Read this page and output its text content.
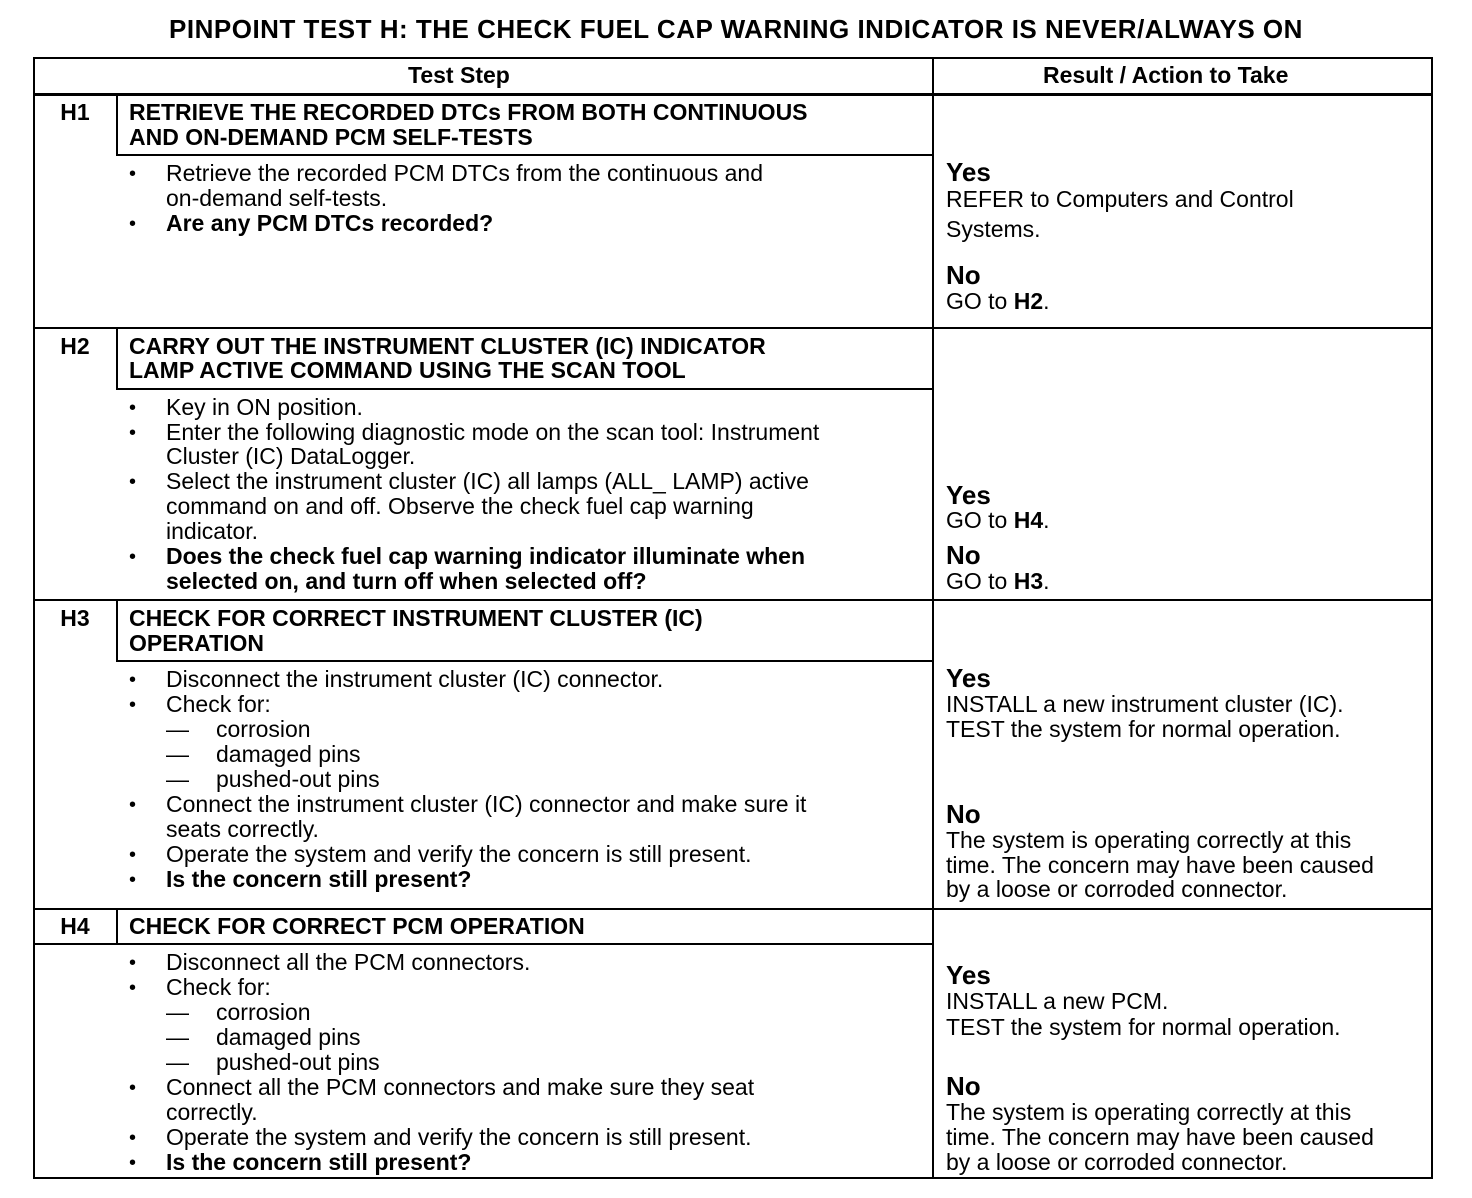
PINPOINT TEST H: THE CHECK FUEL CAP WARNING INDICATOR IS NEVER/ALWAYS ON
Test Step	Result / Action to Take
H1	RETRIEVE THE RECORDED DTCs FROM BOTH CONTINUOUS
AND ON-DEMAND PCM SELF-TESTS
• Retrieve the recorded PCM DTCs from the continuous and
on-demand self-tests.
• Are any PCM DTCs recorded?
Yes
REFER to Computers and Control
Systems.
No
GO to H2.
H2	CARRY OUT THE INSTRUMENT CLUSTER (IC) INDICATOR
LAMP ACTIVE COMMAND USING THE SCAN TOOL
• Key in ON position.
• Enter the following diagnostic mode on the scan tool: Instrument
Cluster (IC) DataLogger.
• Select the instrument cluster (IC) all lamps (ALL_ LAMP) active
command on and off. Observe the check fuel cap warning
indicator.
• Does the check fuel cap warning indicator illuminate when
selected on, and turn off when selected off?
Yes
GO to H4.
No
GO to H3.
H3	CHECK FOR CORRECT INSTRUMENT CLUSTER (IC)
OPERATION
• Disconnect the instrument cluster (IC) connector.
• Check for:
— corrosion
— damaged pins
— pushed-out pins
• Connect the instrument cluster (IC) connector and make sure it
seats correctly.
• Operate the system and verify the concern is still present.
• Is the concern still present?
Yes
INSTALL a new instrument cluster (IC).
TEST the system for normal operation.
No
The system is operating correctly at this
time. The concern may have been caused
by a loose or corroded connector.
H4	CHECK FOR CORRECT PCM OPERATION
• Disconnect all the PCM connectors.
• Check for:
— corrosion
— damaged pins
— pushed-out pins
• Connect all the PCM connectors and make sure they seat
correctly.
• Operate the system and verify the concern is still present.
• Is the concern still present?
Yes
INSTALL a new PCM.
TEST the system for normal operation.
No
The system is operating correctly at this
time. The concern may have been caused
by a loose or corroded connector.
